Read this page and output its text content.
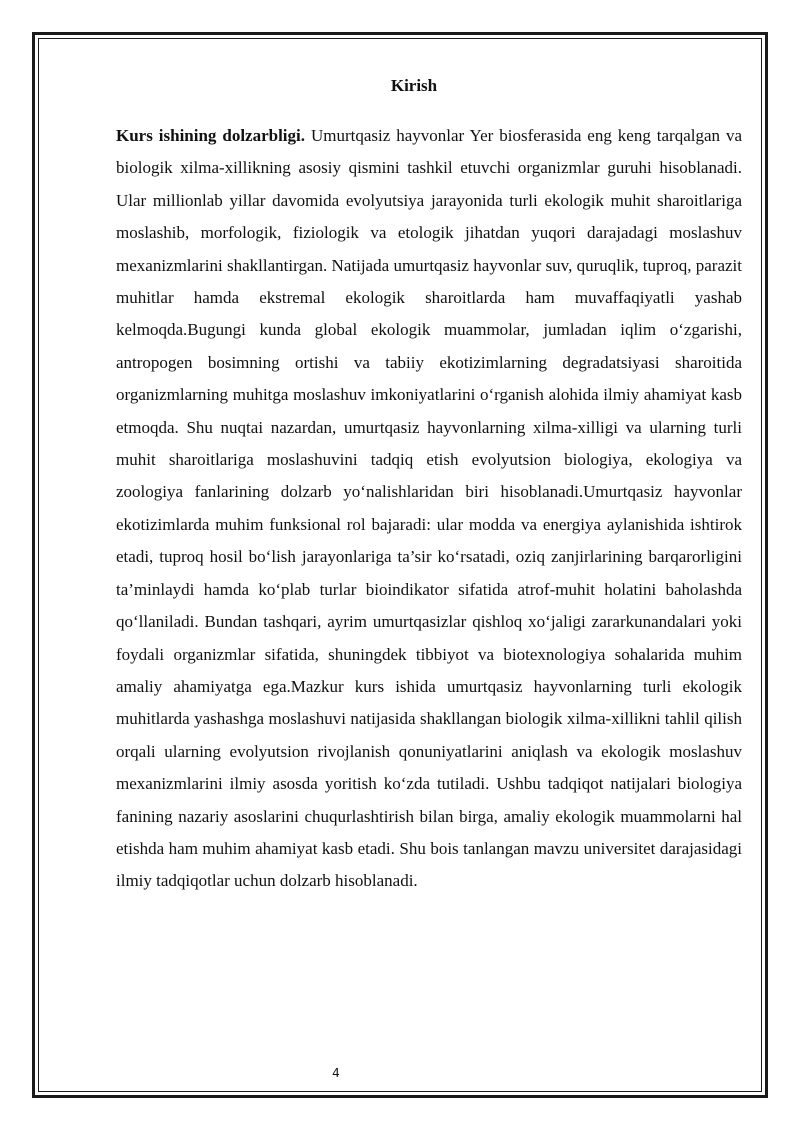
Kirish

Kurs ishining dolzarbligi. Umurtqasiz hayvonlar Yer biosferasida eng keng tarqalgan va biologik xilma-xillikning asosiy qismini tashkil etuvchi organizmlar guruhi hisoblanadi. Ular millionlab yillar davomida evolyutsiya jarayonida turli ekologik muhit sharoitlariga moslashib, morfologik, fiziologik va etologik jihatdan yuqori darajadagi moslashuv mexanizmlarini shakllantirgan. Natijada umurtqasiz hayvonlar suv, quruqlik, tuproq, parazit muhitlar hamda ekstremal ekologik sharoitlarda ham muvaffaqiyatli yashab kelmoqda.Bugungi kunda global ekologik muammolar, jumladan iqlim o‘zgarishi, antropogen bosimning ortishi va tabiiy ekotizimlarning degradatsiyasi sharoitida organizmlarning muhitga moslashuv imkoniyatlarini o‘rganish alohida ilmiy ahamiyat kasb etmoqda. Shu nuqtai nazardan, umurtqasiz hayvonlarning xilma-xilligi va ularning turli muhit sharoitlariga moslashuvini tadqiq etish evolyutsion biologiya, ekologiya va zoologiya fanlarining dolzarb yo‘nalishlaridan biri hisoblanadi.Umurtqasiz hayvonlar ekotizimlarda muhim funksional rol bajaradi: ular modda va energiya aylanishida ishtirok etadi, tuproq hosil bo‘lish jarayonlariga ta’sir ko‘rsatadi, oziq zanjirlarining barqarorligini ta’minlaydi hamda ko‘plab turlar bioindikator sifatida atrof-muhit holatini baholashda qo‘llaniladi. Bundan tashqari, ayrim umurtqasizlar qishloq xo‘jaligi zararkunandalari yoki foydali organizmlar sifatida, shuningdek tibbiyot va biotexnologiya sohalarida muhim amaliy ahamiyatga ega.Mazkur kurs ishida umurtqasiz hayvonlarning turli ekologik muhitlarda yashashga moslashuvi natijasida shakllangan biologik xilma-xillikni tahlil qilish orqali ularning evolyutsion rivojlanish qonuniyatlarini aniqlash va ekologik moslashuv mexanizmlarini ilmiy asosda yoritish ko‘zda tutiladi. Ushbu tadqiqot natijalari biologiya fanining nazariy asoslarini chuqurlashtirish bilan birga, amaliy ekologik muammolarni hal etishda ham muhim ahamiyat kasb etadi. Shu bois tanlangan mavzu universitet darajasidagi ilmiy tadqiqotlar uchun dolzarb hisoblanadi.

4
